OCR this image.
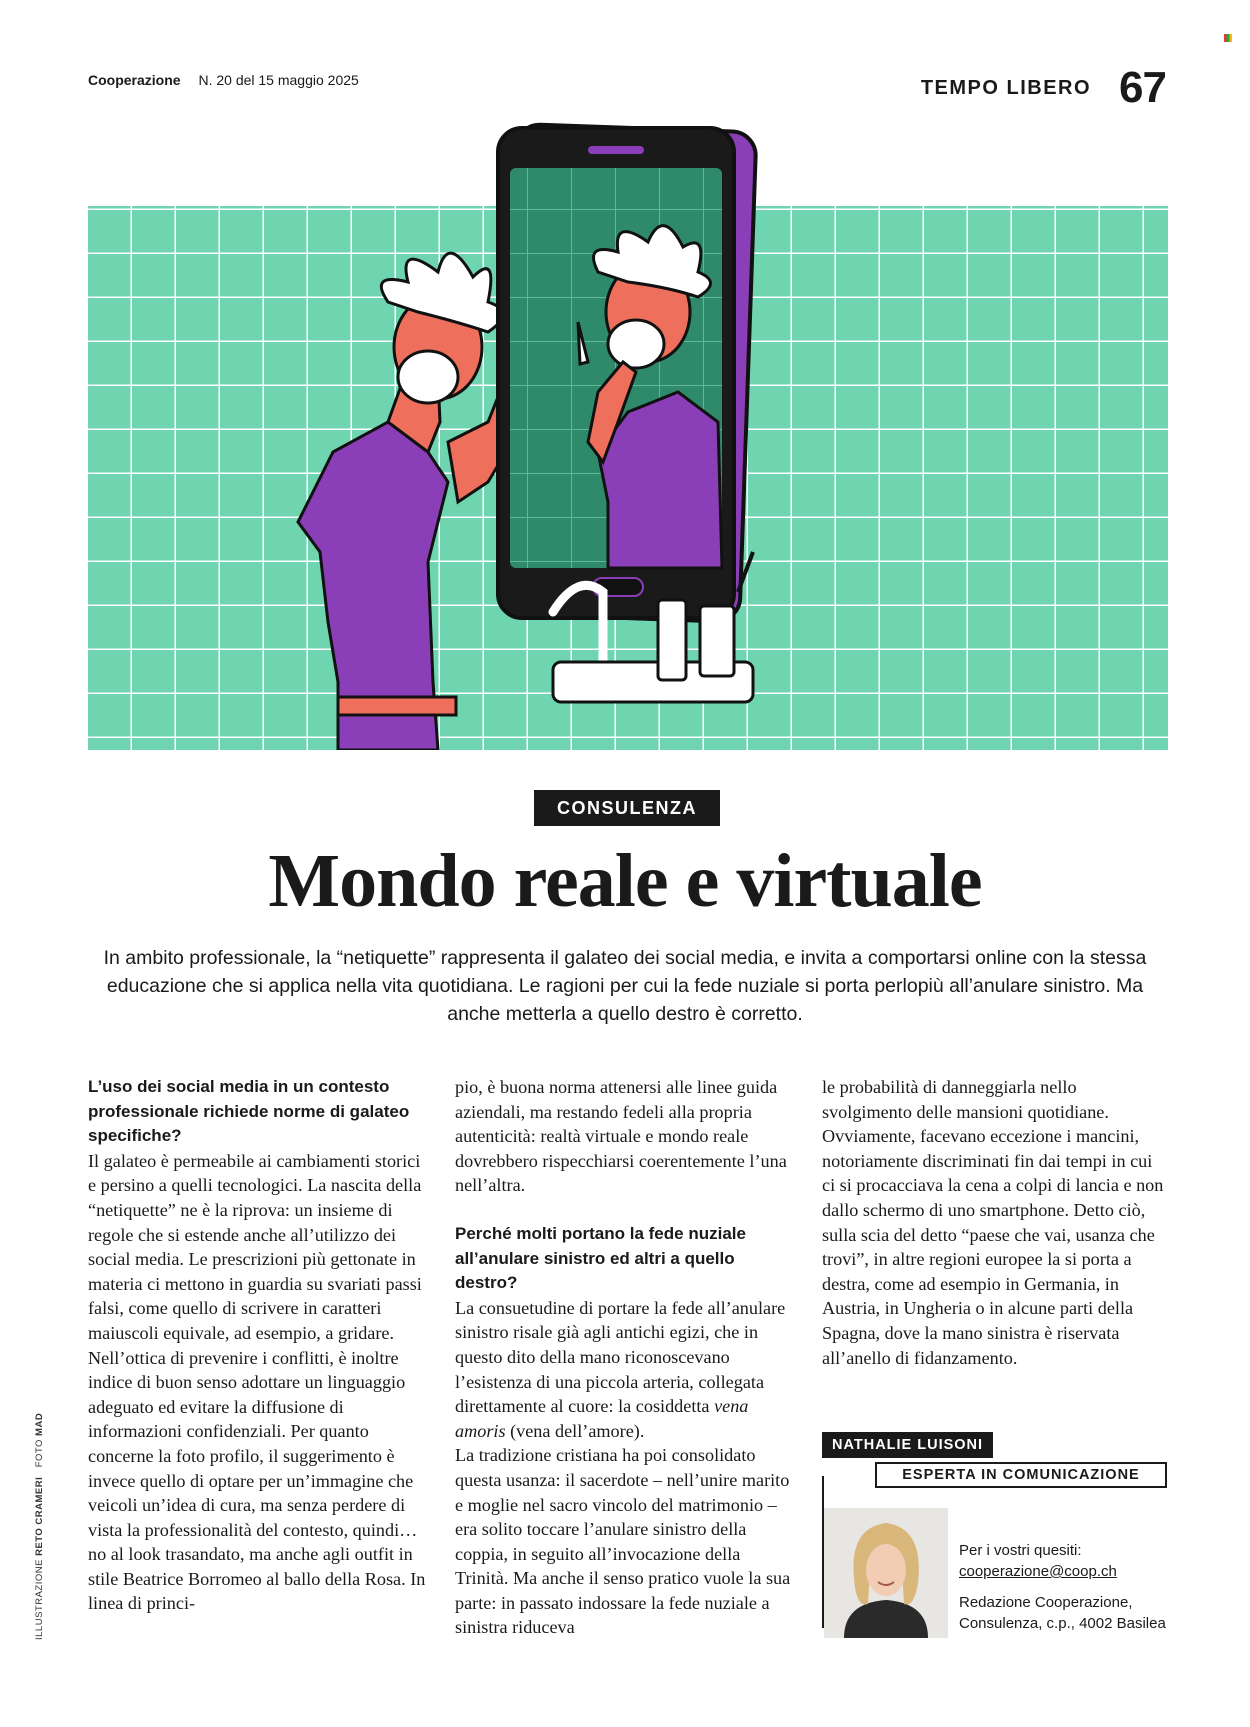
Cooperazione N. 20 del 15 maggio 2025	TEMPO LIBERO 67
CONSULENZA
Mondo reale e virtuale

In ambito professionale, la “netiquette” rappresenta il galateo dei social media, e invita a comportarsi online con la stessa educazione che si applica nella vita quotidiana. Le ragioni per cui la fede nuziale si porta perlopiù all’anulare sinistro. Ma anche metterla a quello destro è corretto.

L’uso dei social media in un contesto professionale richiede norme di galateo specifiche?

Il galateo è permeabile ai cambiamenti storici e persino a quelli tecnologici. La nascita della “netiquette” ne è la riprova: un insieme di regole che si estende anche all’utilizzo dei social media. Le prescrizioni più gettonate in materia ci mettono in guardia su svariati passi falsi, come quello di scrivere in caratteri maiuscoli equivale, ad esempio, a gridare. Nell’ottica di prevenire i conflitti, è inoltre indice di buon senso adottare un linguaggio adeguato ed evitare la diffusione di informazioni confidenziali. Per quanto concerne la foto profilo, il suggerimento è invece quello di optare per un’immagine che veicoli un’idea di cura, ma senza perdere di vista la professionalità del contesto, quindi… no al look trasandato, ma anche agli outfit in stile Beatrice Borromeo al ballo della Rosa. In linea di princi-

pio, è buona norma attenersi alle linee guida aziendali, ma restando fedeli alla propria autenticità: realtà virtuale e mondo reale dovrebbero rispecchiarsi coerentemente l’una nell’altra.

Perché molti portano la fede nuziale all’anulare sinistro ed altri a quello destro?

La consuetudine di portare la fede all’anulare sinistro risale già agli antichi egizi, che in questo dito della mano riconoscevano l’esistenza di una piccola arteria, collegata direttamente al cuore: la cosiddetta vena amoris (vena dell’amore).

La tradizione cristiana ha poi consolidato questa usanza: il sacerdote – nell’unire marito e moglie nel sacro vincolo del matrimonio – era solito toccare l’anulare sinistro della coppia, in seguito all’invocazione della Trinità. Ma anche il senso pratico vuole la sua parte: in passato indossare la fede nuziale a sinistra riduceva

le probabilità di danneggiarla nello svolgimento delle mansioni quotidiane. Ovviamente, facevano eccezione i mancini, notoriamente discriminati fin dai tempi in cui ci si procacciava la cena a colpi di lancia e non dallo schermo di uno smartphone. Detto ciò, sulla scia del detto “paese che vai, usanza che trovi”, in altre regioni europee la si porta a destra, come ad esempio in Germania, in Austria, in Ungheria o in alcune parti della Spagna, dove la mano sinistra è riservata all’anello di fidanzamento.

NATHALIE LUISONI
Per i vostri quesiti:
cooperazione@coop.ch
Redazione Cooperazione,
Consulenza, c.p., 4002 Basilea
ESPERTA IN COMUNICAZIONE
ILLUSTRAZIONE RETO CRAMERI   FOTO MAD
